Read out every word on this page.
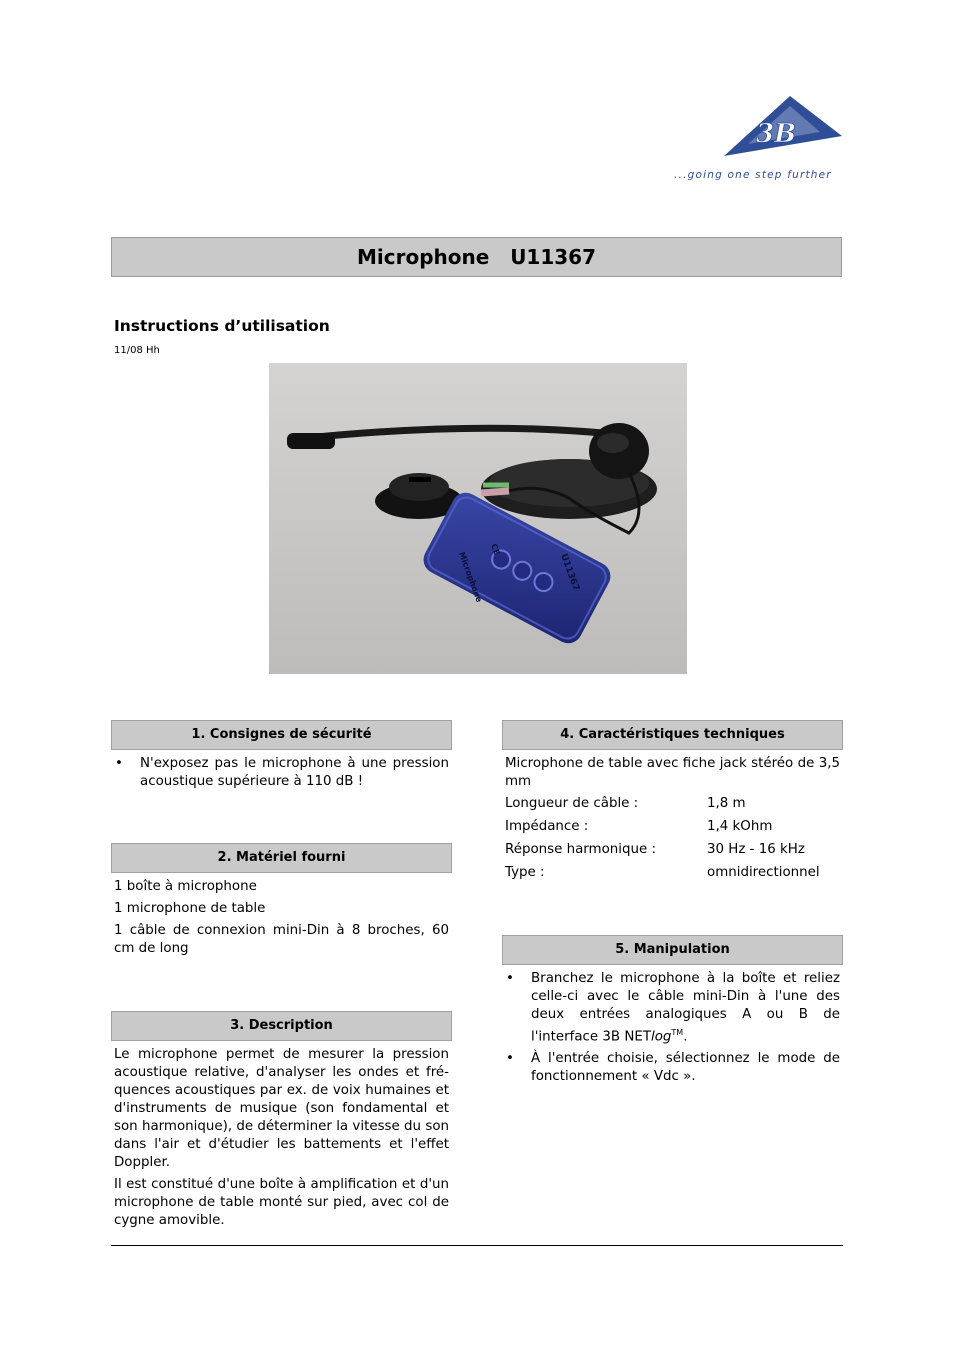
3B
...going one step further
Microphone   U11367
Instructions d’utilisation
11/08 Hh
Microphone
CE
U11367
1. Consignes de sécurité
• N'exposez pas le microphone à une pression acoustique supérieure à 110 dB !
2. Matériel fourni

1 boîte à microphone

1 microphone de table

1 câble de connexion mini-Din à 8 broches, 60 cm de long

3. Description

Le microphone permet de mesurer la pression acoustique relative, d'analyser les ondes et fré-quences acoustiques par ex. de voix humaines et d'instruments de musique (son fondamental et son harmonique), de déterminer la vitesse du son dans l'air et d'étudier les battements et l'effet Doppler.

Il est constitué d'une boîte à amplification et d'un microphone de table monté sur pied, avec col de cygne amovible.

4. Caractéristiques techniques

Microphone de table avec fiche jack stéréo de 3,5 mm

Longueur de câble :	1,8 m
Impédance :	1,4 kOhm
Réponse harmonique :	30 Hz - 16 kHz
Type :	omnidirectionnel
5. Manipulation
• Branchez le microphone à la boîte et reliez celle-ci avec le câble mini-Din à l'une des deux entrées analogiques A ou B de l'interface 3B NETlog™.
• À l'entrée choisie, sélectionnez le mode de fonctionnement « Vdc ».
